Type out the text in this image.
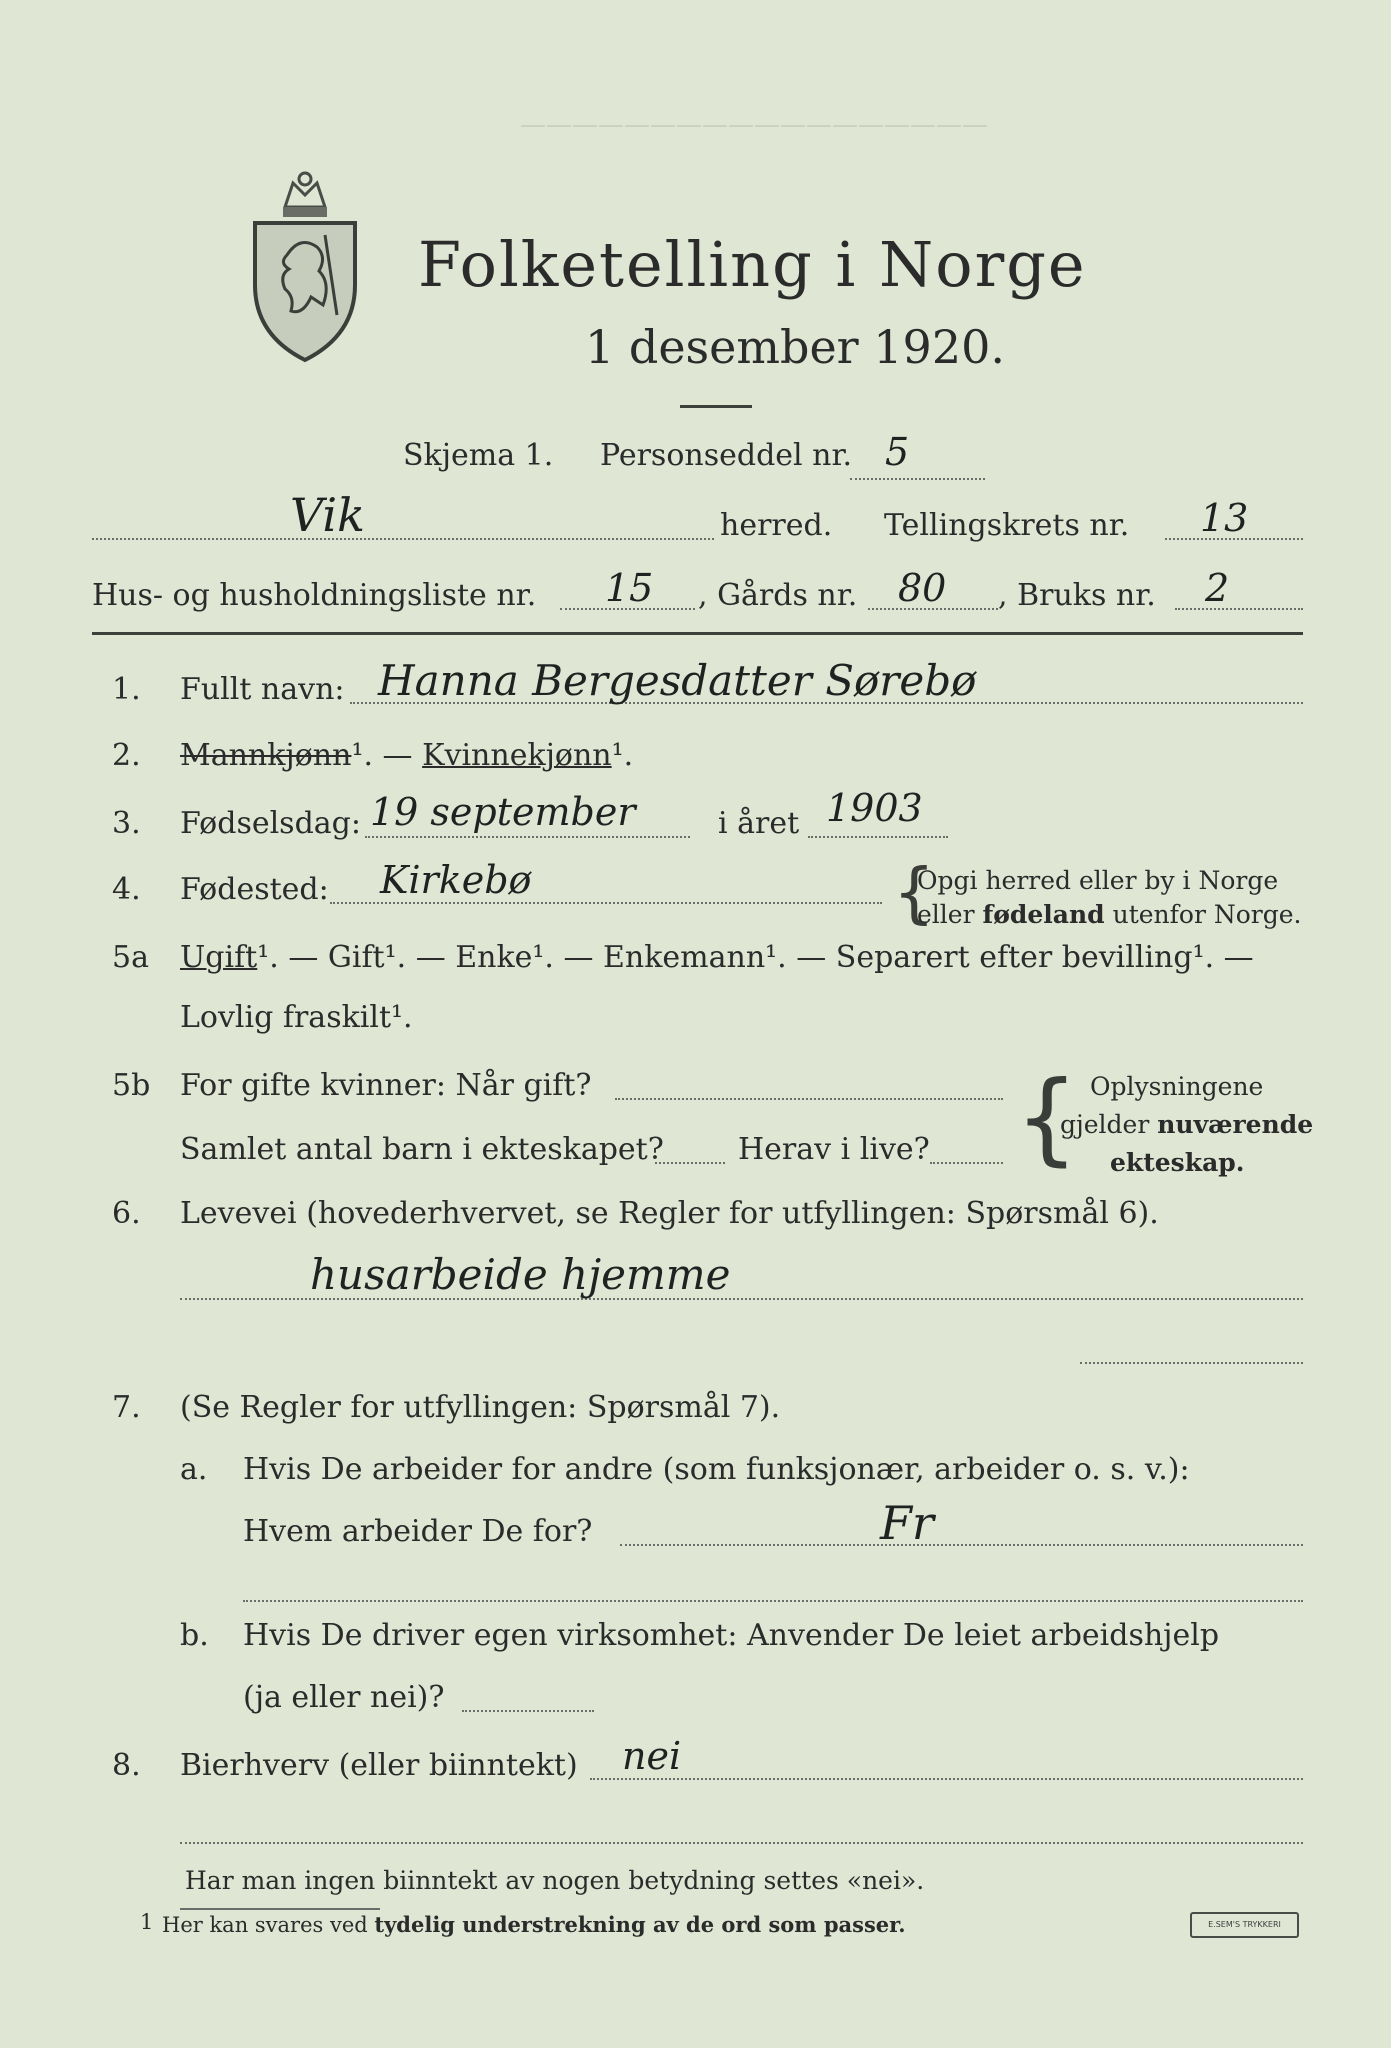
——————————————————
Folketelling i Norge
1 desember 1920.
Skjema 1. Personseddel nr. 5
Vik	herred. Tellingskrets nr. 13
Hus- og husholdningsliste nr. 15 , Gårds nr. 80 , Bruks nr. 2
1. Fullt navn: Hanna Bergesdatter Sørebø
2. Mannkjønn¹. — Kvinnekjønn¹.
3. Fødselsdag: 19 september	i året 1903
4. Fødested: Kirkebø	{
Opgi herred eller by i Norge
eller fødeland utenfor Norge.
5a Ugift¹. — Gift¹. — Enke¹. — Enkemann¹. — Separert efter bevilling¹. —
Lovlig fraskilt¹.
5b For gifte kvinner: Når gift?
Samlet antal barn i ekteskapet? Herav i live? { Oplysningene
gjelder nuværende
ekteskap.
6. Levevei (hovederhvervet, se Regler for utfyllingen: Spørsmål 6).
husarbeide hjemme
7. (Se Regler for utfyllingen: Spørsmål 7).
a. Hvis De arbeider for andre (som funksjonær, arbeider o. s. v.):
Hvem arbeider De for?	Fr
b. Hvis De driver egen virksomhet: Anvender De leiet arbeidshjelp
(ja eller nei)?
8. Bierhverv (eller biinntekt) nei
Har man ingen biinntekt av nogen betydning settes «nei».
1 Her kan svares ved tydelig understrekning av de ord som passer.	E.SEM'S TRYKKERI
